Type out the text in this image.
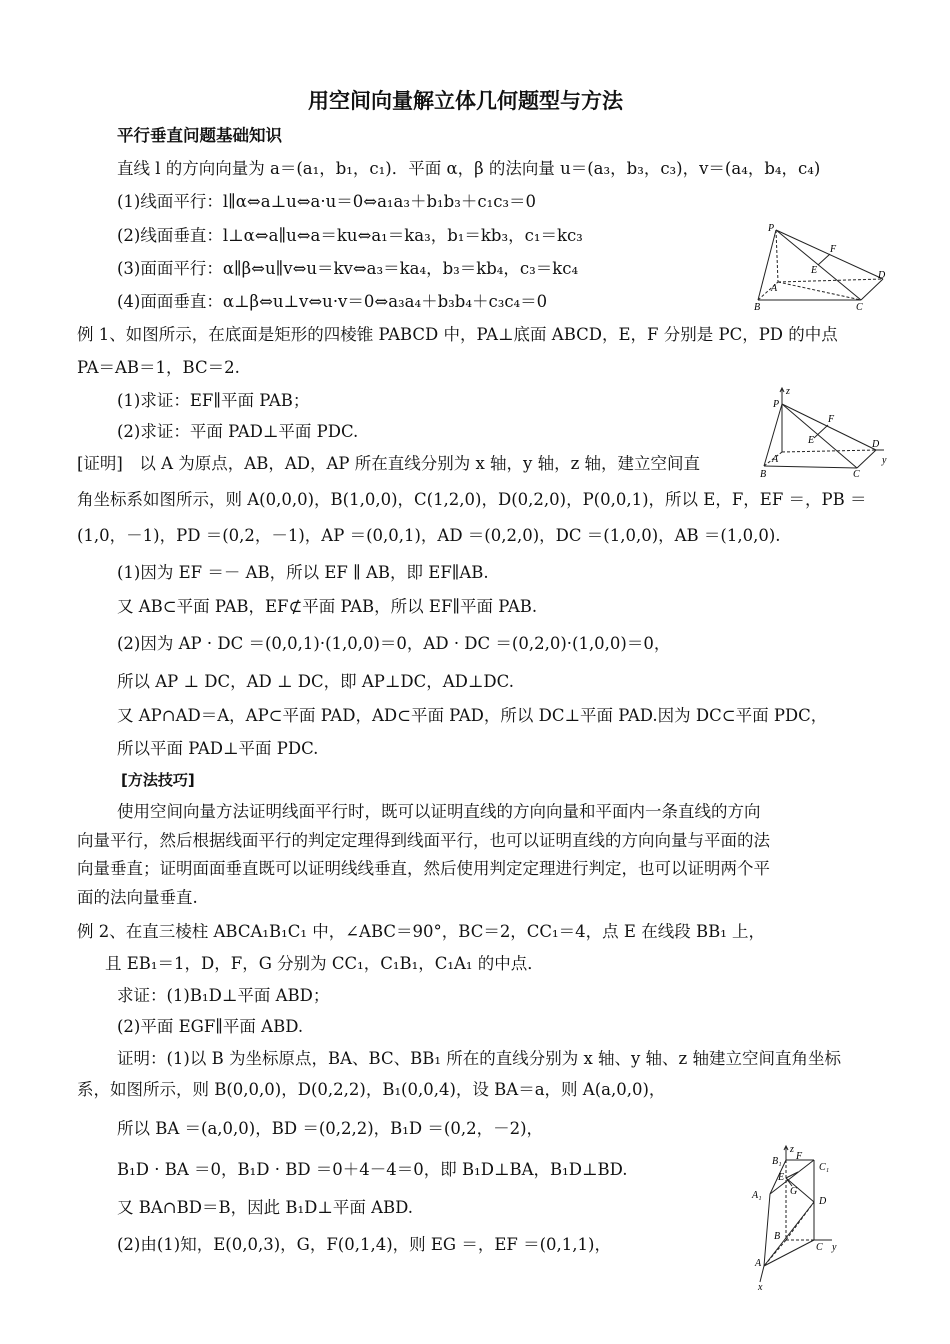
用空间向量解立体几何题型与方法
平行垂直问题基础知识
直线 l 的方向向量为 a＝(a₁，b₁，c₁)．平面 α，β 的法向量 u＝(a₃，b₃，c₃)，v＝(a₄，b₄，c₄)
(1)线面平行：l∥α⇔a⊥u⇔a·u＝0⇔a₁a₃＋b₁b₃＋c₁c₃＝0
(2)线面垂直：l⊥α⇔a∥u⇔a＝ku⇔a₁＝ka₃，b₁＝kb₃，c₁＝kc₃
(3)面面平行：α∥β⇔u∥v⇔u＝kv⇔a₃＝ka₄，b₃＝kb₄，c₃＝kc₄
(4)面面垂直：α⊥β⇔u⊥v⇔u·v＝0⇔a₃a₄＋b₃b₄＋c₃c₄＝0
例 1、如图所示，在底面是矩形的四棱锥 PABCD 中，PA⊥底面 ABCD，E，F 分别是 PC，PD 的中点
PA＝AB＝1，BC＝2.
(1)求证：EF∥平面 PAB；
(2)求证：平面 PAD⊥平面 PDC.
[证明]　以 A 为原点，AB，AD，AP 所在直线分别为 x 轴，y 轴，z 轴，建立空间直
角坐标系如图所示，则 A(0,0,0)，B(1,0,0)，C(1,2,0)，D(0,2,0)，P(0,0,1)，所以 E，F，EF ＝，PB ＝
(1,0，－1)，PD ＝(0,2，－1)，AP ＝(0,0,1)，AD ＝(0,2,0)，DC ＝(1,0,0)，AB ＝(1,0,0).
(1)因为 EF ＝－ AB，所以 EF ∥ AB，即 EF∥AB.
又 AB⊂平面 PAB，EF⊄平面 PAB，所以 EF∥平面 PAB.
(2)因为 AP · DC ＝(0,0,1)·(1,0,0)＝0，AD · DC ＝(0,2,0)·(1,0,0)＝0，
所以 AP ⊥ DC，AD ⊥ DC，即 AP⊥DC，AD⊥DC.
又 AP∩AD＝A，AP⊂平面 PAD，AD⊂平面 PAD，所以 DC⊥平面 PAD.因为 DC⊂平面 PDC，
所以平面 PAD⊥平面 PDC.
[方法技巧]
使用空间向量方法证明线面平行时，既可以证明直线的方向向量和平面内一条直线的方向
向量平行，然后根据线面平行的判定定理得到线面平行，也可以证明直线的方向向量与平面的法
向量垂直；证明面面垂直既可以证明线线垂直，然后使用判定定理进行判定，也可以证明两个平
面的法向量垂直.
例 2、在直三棱柱 ABCA₁B₁C₁ 中，∠ABC＝90°，BC＝2，CC₁＝4，点 E 在线段 BB₁ 上，
且 EB₁＝1，D，F，G 分别为 CC₁，C₁B₁，C₁A₁ 的中点．
求证：(1)B₁D⊥平面 ABD；
(2)平面 EGF∥平面 ABD.
证明：(1)以 B 为坐标原点，BA、BC、BB₁ 所在的直线分别为 x 轴、y 轴、z 轴建立空间直角坐标
系，如图所示，则 B(0,0,0)，D(0,2,2)，B₁(0,0,4)，设 BA＝a，则 A(a,0,0)，
所以 BA ＝(a,0,0)，BD ＝(0,2,2)，B₁D ＝(0,2，－2)，
B₁D · BA ＝0，B₁D · BD ＝0＋4－4＝0，即 B₁D⊥BA，B₁D⊥BD.
又 BA∩BD＝B，因此 B₁D⊥平面 ABD.
(2)由(1)知，E(0,0,3)，G，F(0,1,4)，则 EG ＝，EF ＝(0,1,1)，
P
F
E	D
A
B	C
z
P
F
E	D
y
A
B	C
z
B₁ F
C₁
G
A₁
E
D
B
C y
A
x
